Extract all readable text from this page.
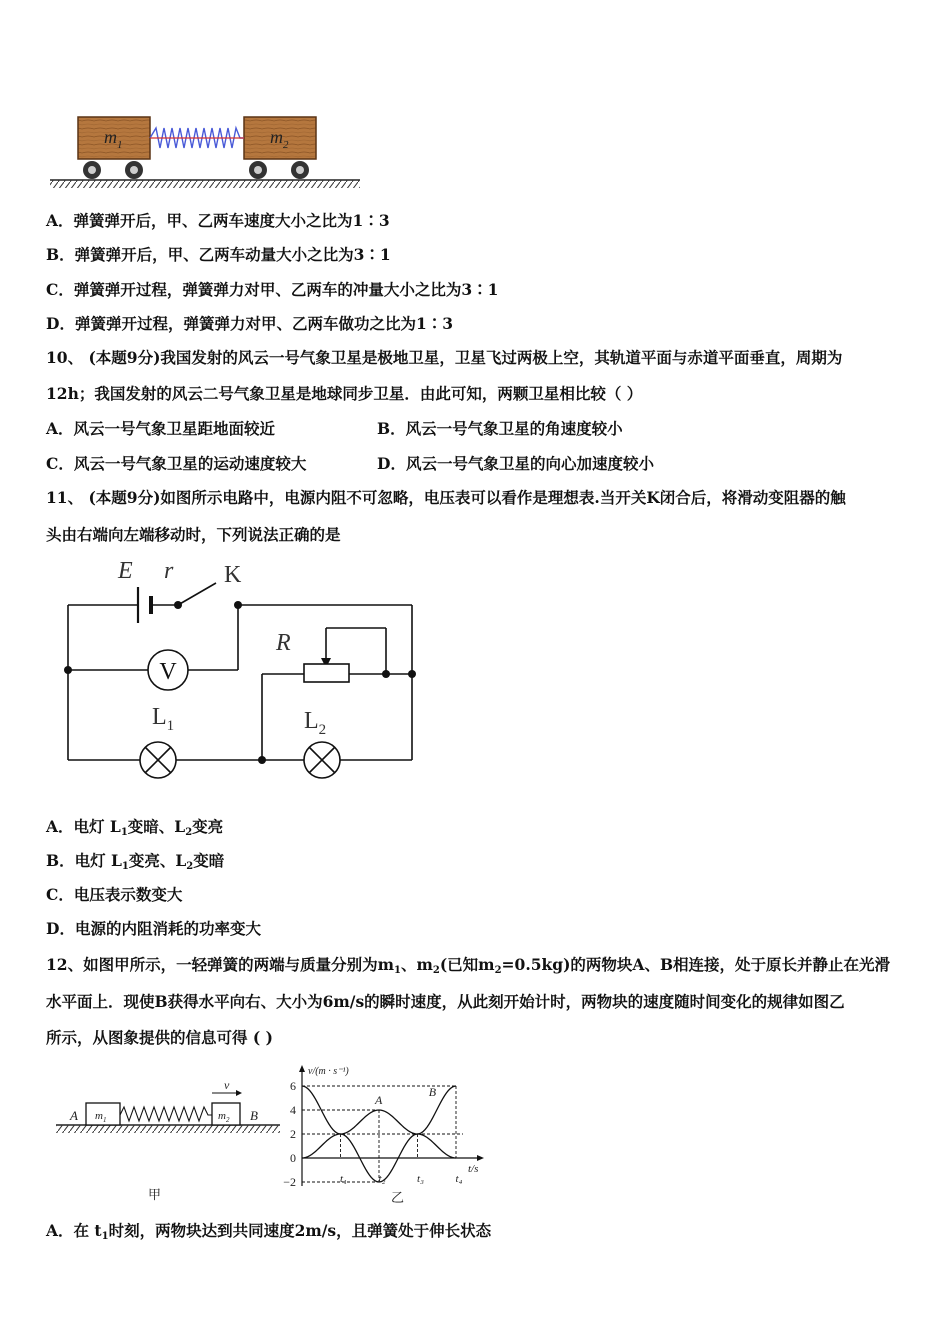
$m_1$	$m_2$
A．弹簧弹开后，甲、乙两车速度大小之比为1∶3
B．弹簧弹开后，甲、乙两车动量大小之比为3∶1
C．弹簧弹开过程，弹簧弹力对甲、乙两车的冲量大小之比为3∶1
D．弹簧弹开过程，弹簧弹力对甲、乙两车做功之比为1∶3
10、 (本题9分)我国发射的风云一号气象卫星是极地卫星，卫星飞过两极上空，其轨道平面与赤道平面垂直，周期为
12h；我国发射的风云二号气象卫星是地球同步卫星．由此可知，两颗卫星相比较（ ）
A．风云一号气象卫星距地面较近	B．风云一号气象卫星的角速度较小
C．风云一号气象卫星的运动速度较大	D．风云一号气象卫星的向心加速度较小
11、 (本题9分)如图所示电路中，电源内阻不可忽略，电压表可以看作是理想表.当开关K闭合后，将滑动变阻器的触
头由右端向左端移动时，下列说法正确的是
V
E r K
R
$L_1$	$L_2$
A．电灯 $L_1$变暗、$L_2$变亮
B．电灯 $L_1$变亮、$L_2$变暗
C．电压表示数变大
D．电源的内阻消耗的功率变大
12、如图甲所示，一轻弹簧的两端与质量分别为$m_1$、$m_2$(已知$m_2=0.5kg$)的两物块A、B相连接，处于原长并静止在光滑
水平面上．现使B获得水平向右、大小为6m/s的瞬时速度，从此刻开始计时，两物块的速度随时间变化的规律如图乙
所示，从图象提供的信息可得 ( )
v
A	B
$m_1$	$m_2$
甲
6
4
2
0
−2	t₁	t₂	t₃	t₄
v/(m · s⁻¹)
t/s
A
B
乙
A．在 $t_1$时刻，两物块达到共同速度2m/s，且弹簧处于伸长状态
